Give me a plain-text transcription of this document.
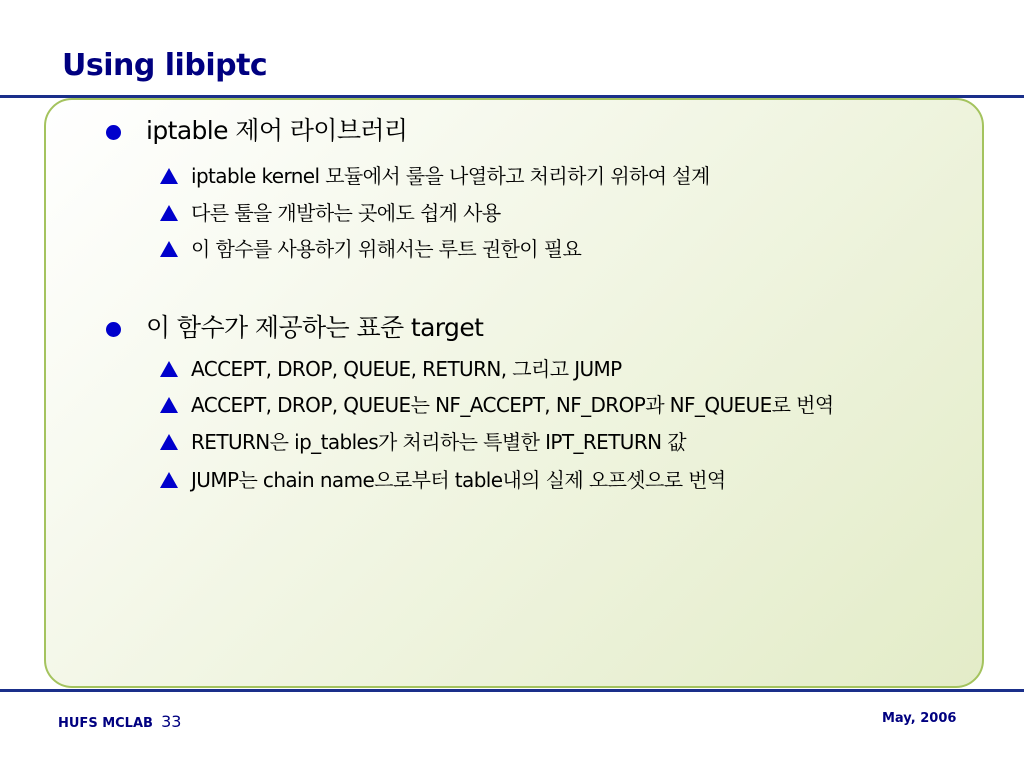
Using libiptc
iptable 제어 라이브러리
iptable kernel 모듈에서 룰을 나열하고 처리하기 위하여 설계
다른 툴을 개발하는 곳에도 쉽게 사용
이 함수를 사용하기 위해서는 루트 권한이 필요
이 함수가 제공하는 표준 target
ACCEPT, DROP, QUEUE, RETURN, 그리고 JUMP
ACCEPT, DROP, QUEUE는 NF_ACCEPT, NF_DROP과 NF_QUEUE로 번역
RETURN은 ip_tables가 처리하는 특별한 IPT_RETURN 값
JUMP는 chain name으로부터 table내의 실제 오프셋으로 번역
HUFS MCLAB 33	May, 2006
